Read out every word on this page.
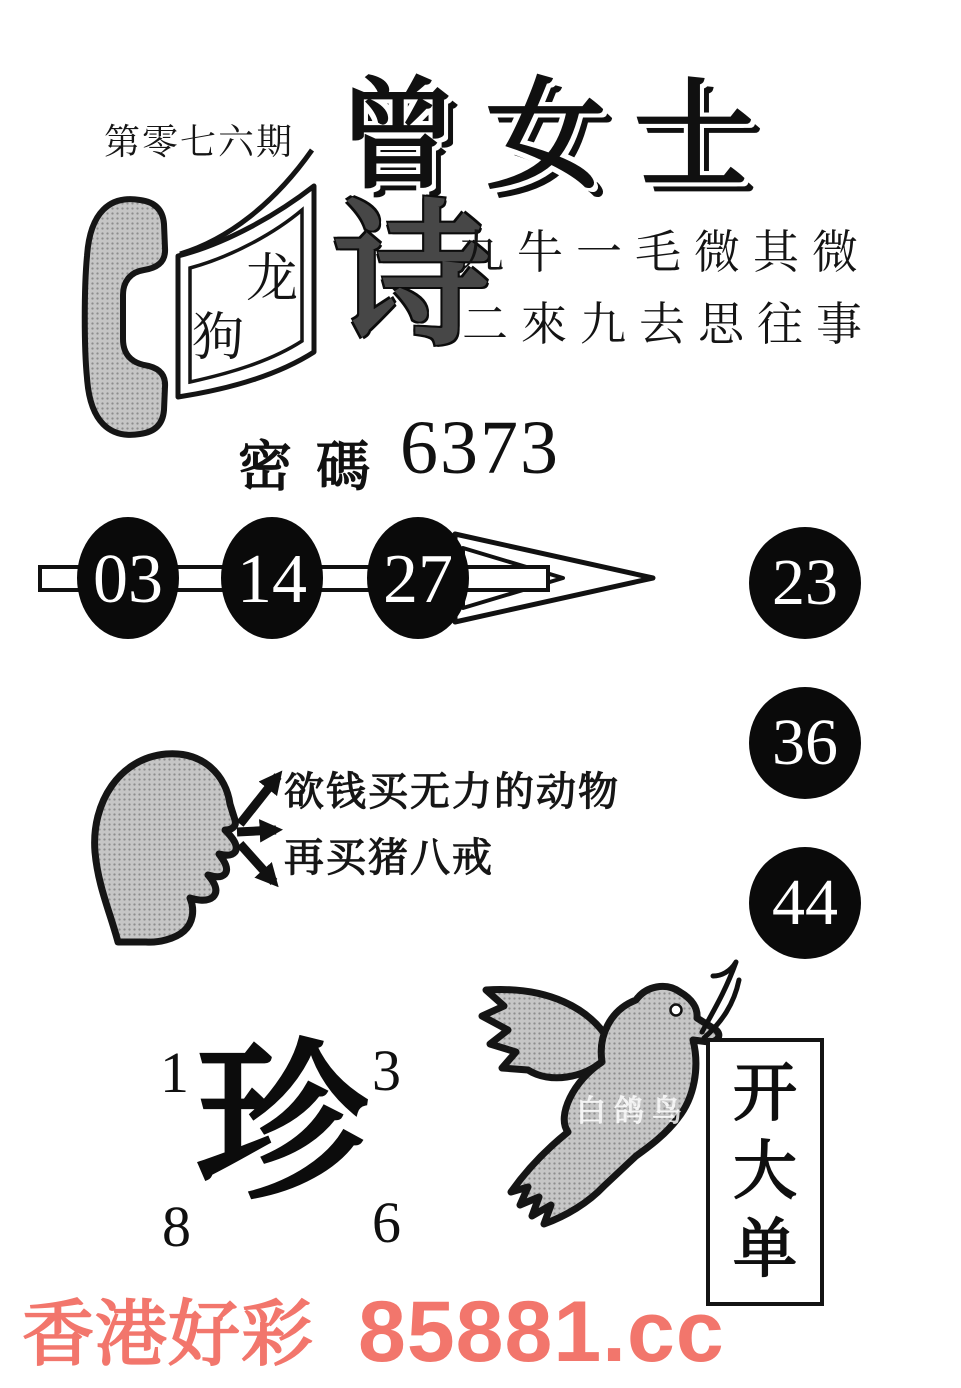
第零七六期 曾女士
龙
狗 诗
九牛一毛微其微
二來九去思往事
密碼 6373
03 14 27	23
36
44
欲钱买无力的动物
再买猪八戒
1	3
8	6
珍	白鸽鸟 开
大
单
香港好彩 85881.cc
